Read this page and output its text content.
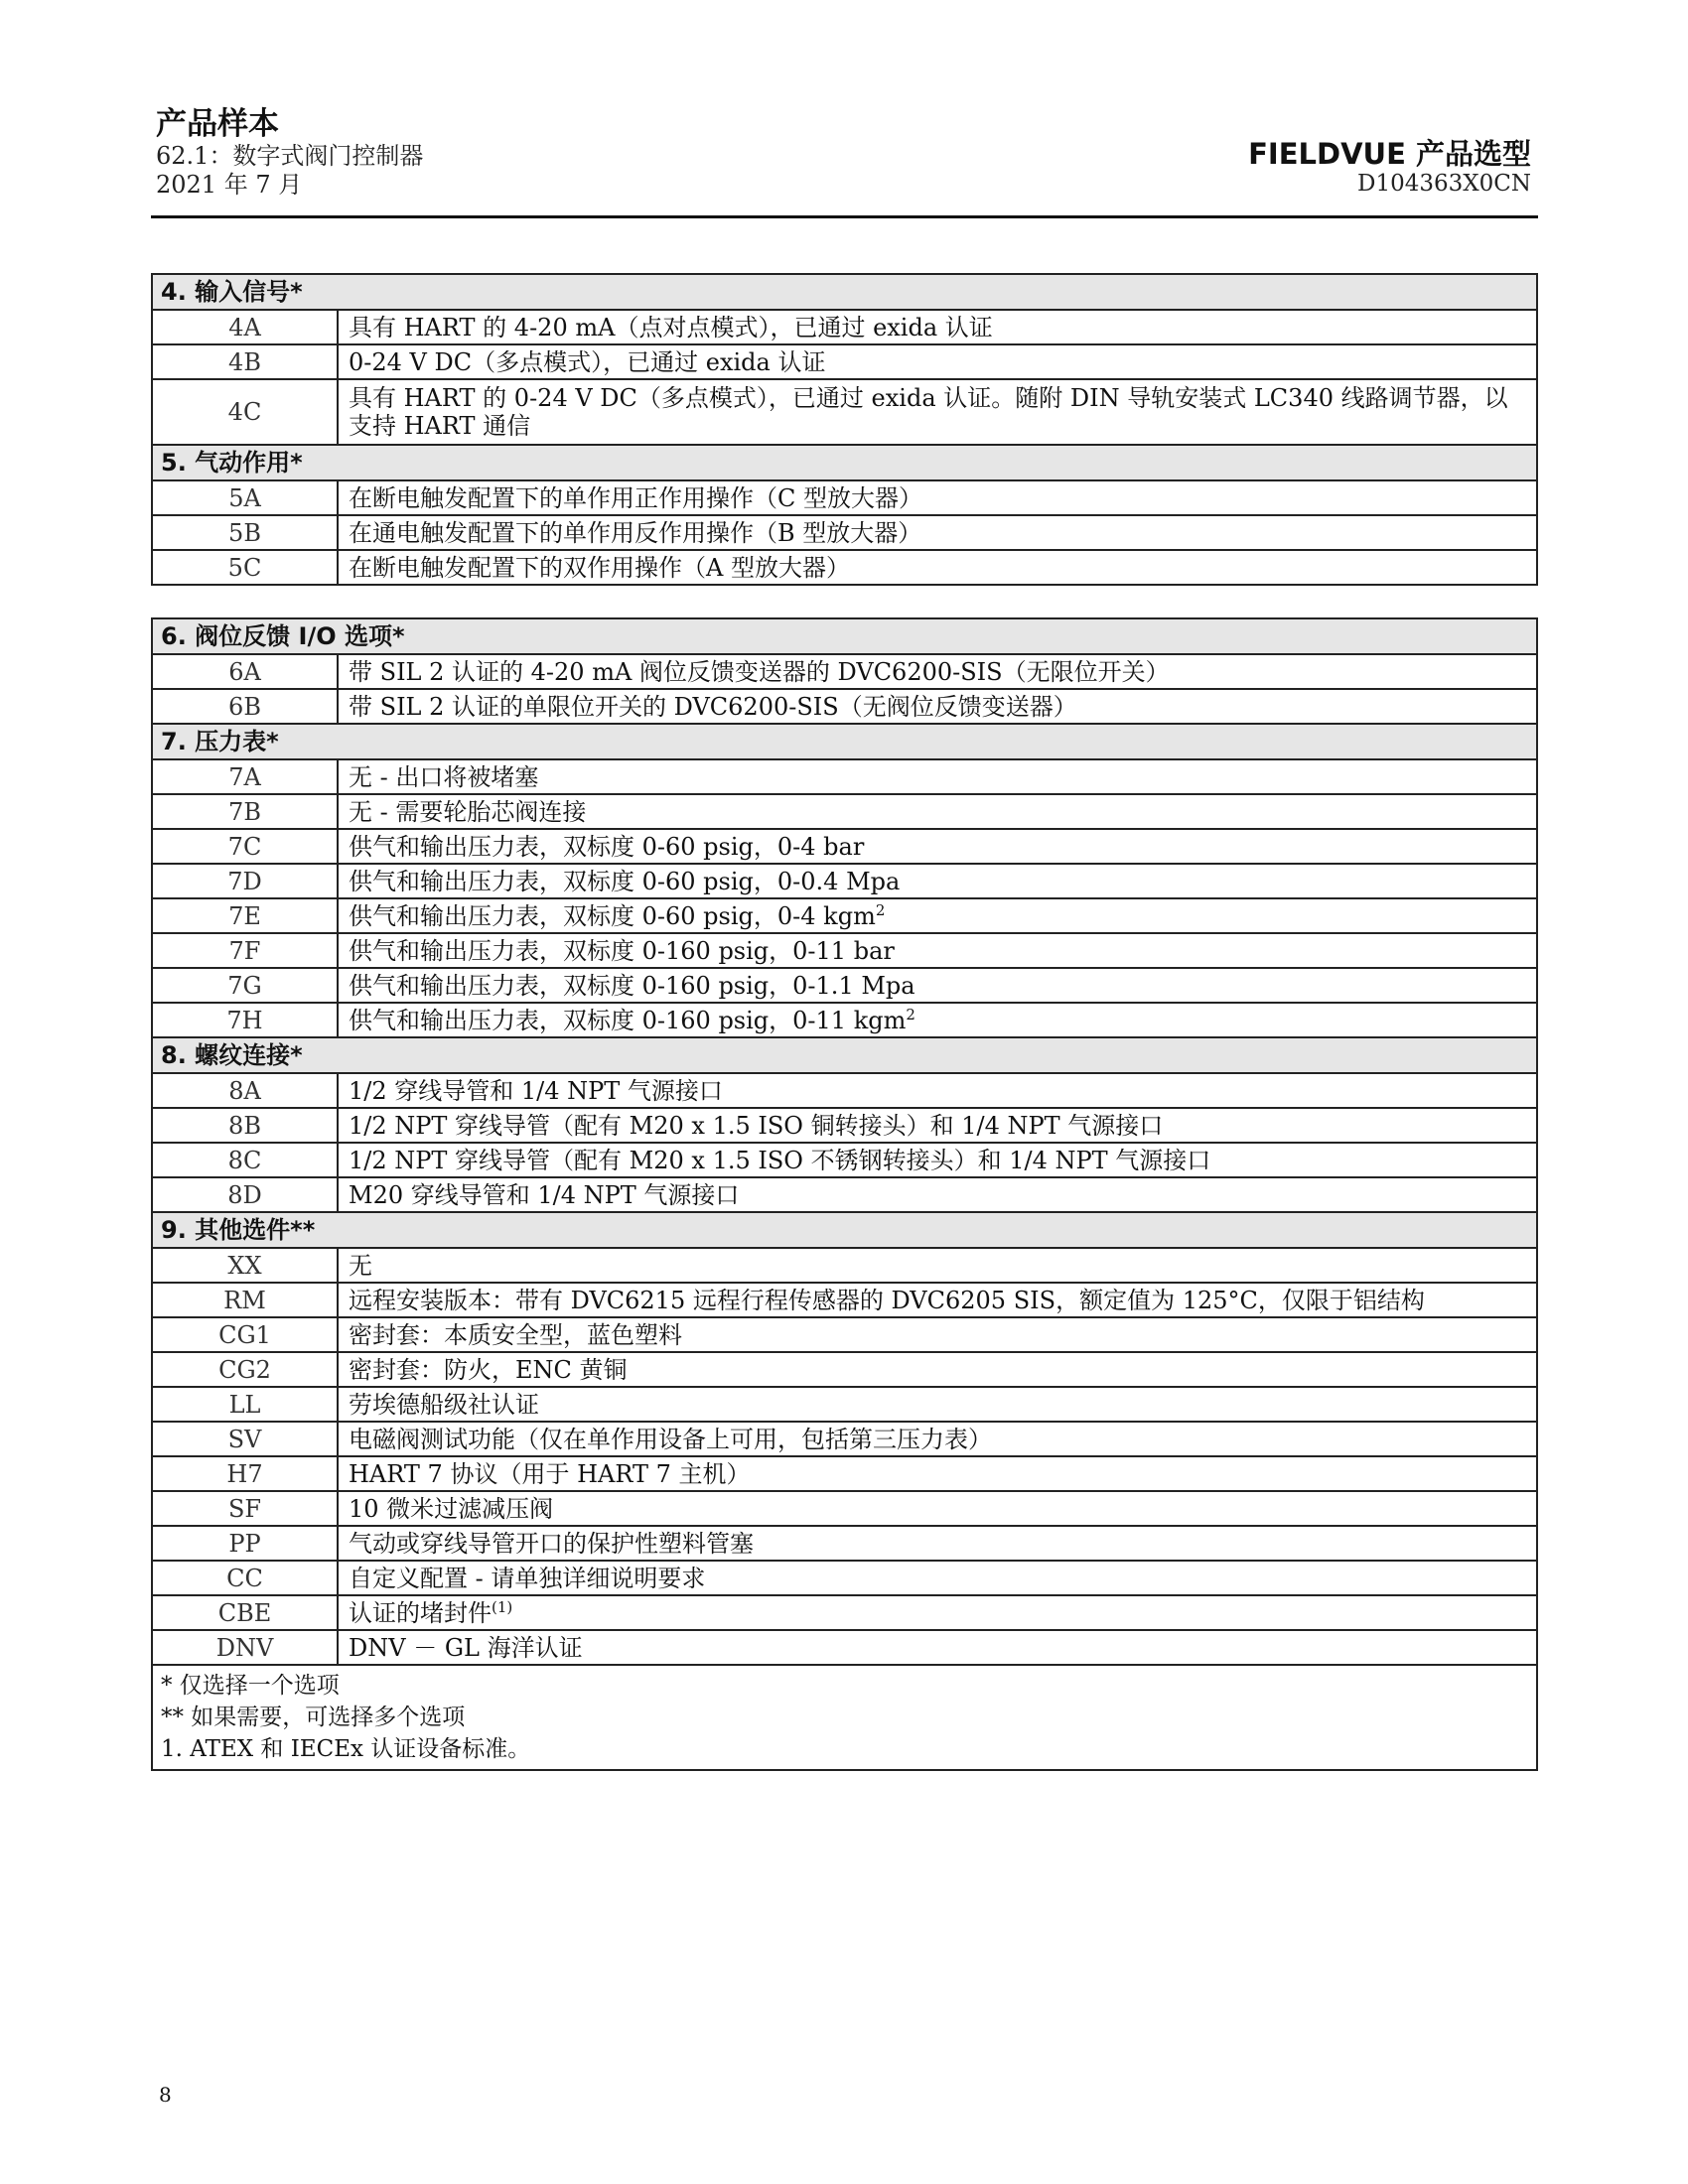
产品样本
62.1：数字式阀门控制器
2021 年 7 月
FIELDVUE 产品选型
D104363X0CN
4. 输入信号*	
4A	具有 HART 的 4-20 mA（点对点模式），已通过 exida 认证
4B	0-24 V DC（多点模式），已通过 exida 认证
4C	具有 HART 的 0-24 V DC（多点模式），已通过 exida 认证。随附 DIN 导轨安装式 LC340 线路调节器，以支持 HART 通信
5. 气动作用*	
5A	在断电触发配置下的单作用正作用操作（C 型放大器）
5B	在通电触发配置下的单作用反作用操作（B 型放大器）
5C	在断电触发配置下的双作用操作（A 型放大器）
6. 阀位反馈 I/O 选项*	
6A	带 SIL 2 认证的 4-20 mA 阀位反馈变送器的 DVC6200-SIS（无限位开关）
6B	带 SIL 2 认证的单限位开关的 DVC6200-SIS（无阀位反馈变送器）
7. 压力表*	
7A	无 - 出口将被堵塞
7B	无 - 需要轮胎芯阀连接
7C	供气和输出压力表，双标度 0-60 psig，0-4 bar
7D	供气和输出压力表，双标度 0-60 psig，0-0.4 Mpa
7E	供气和输出压力表，双标度 0-60 psig，0-4 kgm$^2$
7F	供气和输出压力表，双标度 0-160 psig，0-11 bar
7G	供气和输出压力表，双标度 0-160 psig，0-1.1 Mpa
7H	供气和输出压力表，双标度 0-160 psig，0-11 kgm$^2$
8. 螺纹连接*	
8A	1/2 穿线导管和 1/4 NPT 气源接口
8B	1/2 NPT 穿线导管（配有 M20 x 1.5 ISO 铜转接头）和 1/4 NPT 气源接口
8C	1/2 NPT 穿线导管（配有 M20 x 1.5 ISO 不锈钢转接头）和 1/4 NPT 气源接口
8D	M20 穿线导管和 1/4 NPT 气源接口
9. 其他选件**	
XX	无
RM	远程安装版本：带有 DVC6215 远程行程传感器的 DVC6205 SIS，额定值为 125°C，仅限于铝结构
CG1	密封套：本质安全型，蓝色塑料
CG2	密封套：防火，ENC 黄铜
LL	劳埃德船级社认证
SV	电磁阀测试功能（仅在单作用设备上可用，包括第三压力表）
H7	HART 7 协议（用于 HART 7 主机）
SF	10 微米过滤减压阀
PP	气动或穿线导管开口的保护性塑料管塞
CC	自定义配置 - 请单独详细说明要求
CBE	认证的堵封件$^{(1)}$
DNV	DNV － GL 海洋认证

* 仅选择一个选项
** 如果需要，可选择多个选项
1. ATEX 和 IECEx 认证设备标准。	
8
